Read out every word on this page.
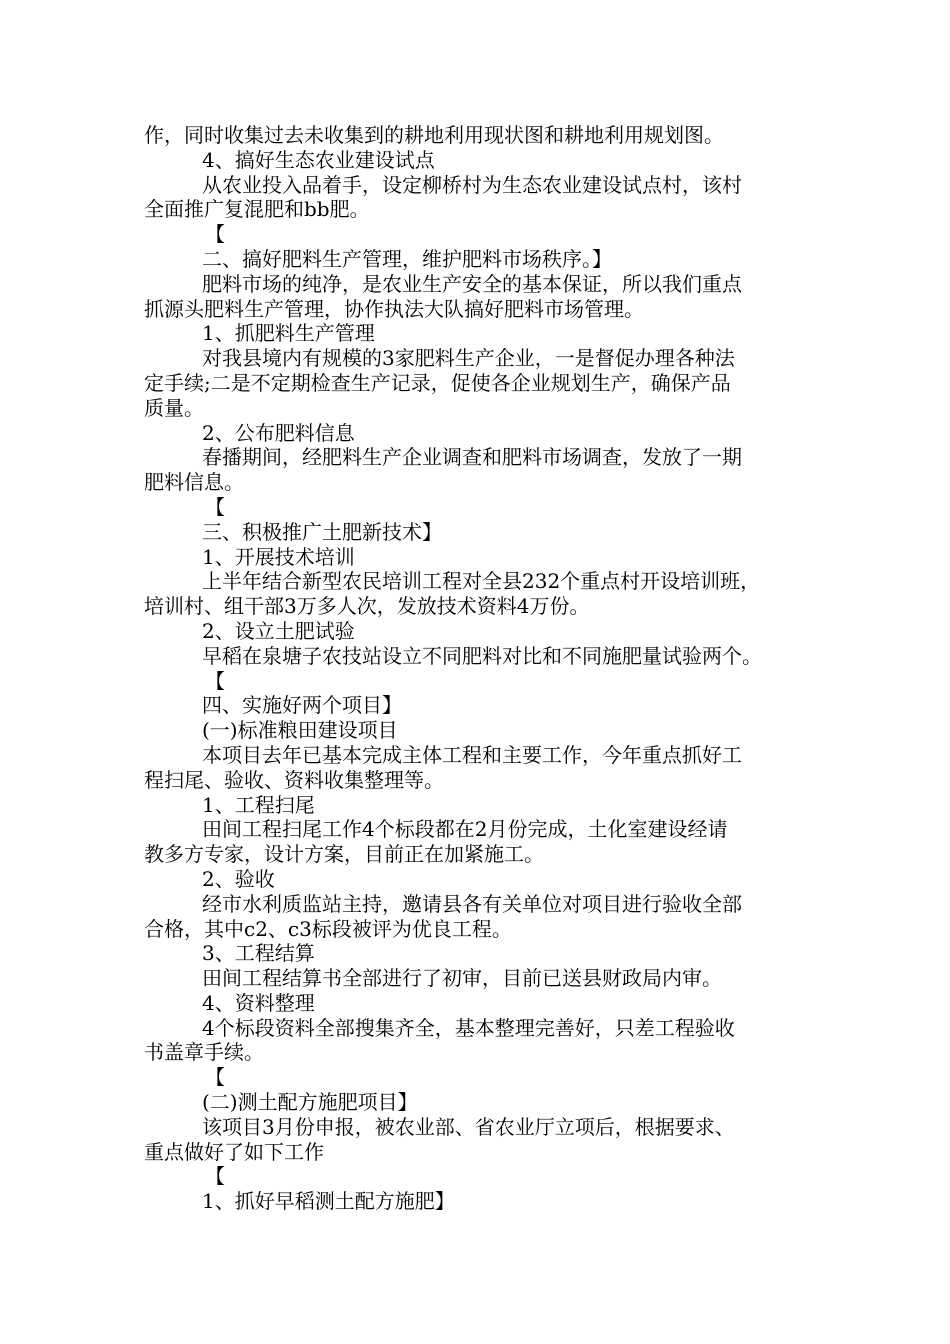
作，同时收集过去未收集到的耕地利用现状图和耕地利用规划图。
4、搞好生态农业建设试点
从农业投入品着手，设定柳桥村为生态农业建设试点村，该村
全面推广复混肥和bb肥。
【
二、搞好肥料生产管理，维护肥料市场秩序。】
肥料市场的纯净，是农业生产安全的基本保证，所以我们重点
抓源头肥料生产管理，协作执法大队搞好肥料市场管理。
1、抓肥料生产管理
对我县境内有规模的3家肥料生产企业，一是督促办理各种法
定手续;二是不定期检查生产记录，促使各企业规划生产，确保产品
质量。
2、公布肥料信息
春播期间，经肥料生产企业调查和肥料市场调查，发放了一期
肥料信息。
【
三、积极推广土肥新技术】
1、开展技术培训
上半年结合新型农民培训工程对全县232个重点村开设培训班，
培训村、组干部3万多人次，发放技术资料4万份。
2、设立土肥试验
早稻在泉塘子农技站设立不同肥料对比和不同施肥量试验两个。
【
四、实施好两个项目】
(一)标准粮田建设项目
本项目去年已基本完成主体工程和主要工作，今年重点抓好工
程扫尾、验收、资料收集整理等。
1、工程扫尾
田间工程扫尾工作4个标段都在2月份完成，土化室建设经请
教多方专家，设计方案，目前正在加紧施工。
2、验收
经市水利质监站主持，邀请县各有关单位对项目进行验收全部
合格，其中c2、c3标段被评为优良工程。
3、工程结算
田间工程结算书全部进行了初审，目前已送县财政局内审。
4、资料整理
4个标段资料全部搜集齐全，基本整理完善好，只差工程验收
书盖章手续。
【
(二)测土配方施肥项目】
该项目3月份申报，被农业部、省农业厅立项后，根据要求、
重点做好了如下工作
【
1、抓好早稻测土配方施肥】
